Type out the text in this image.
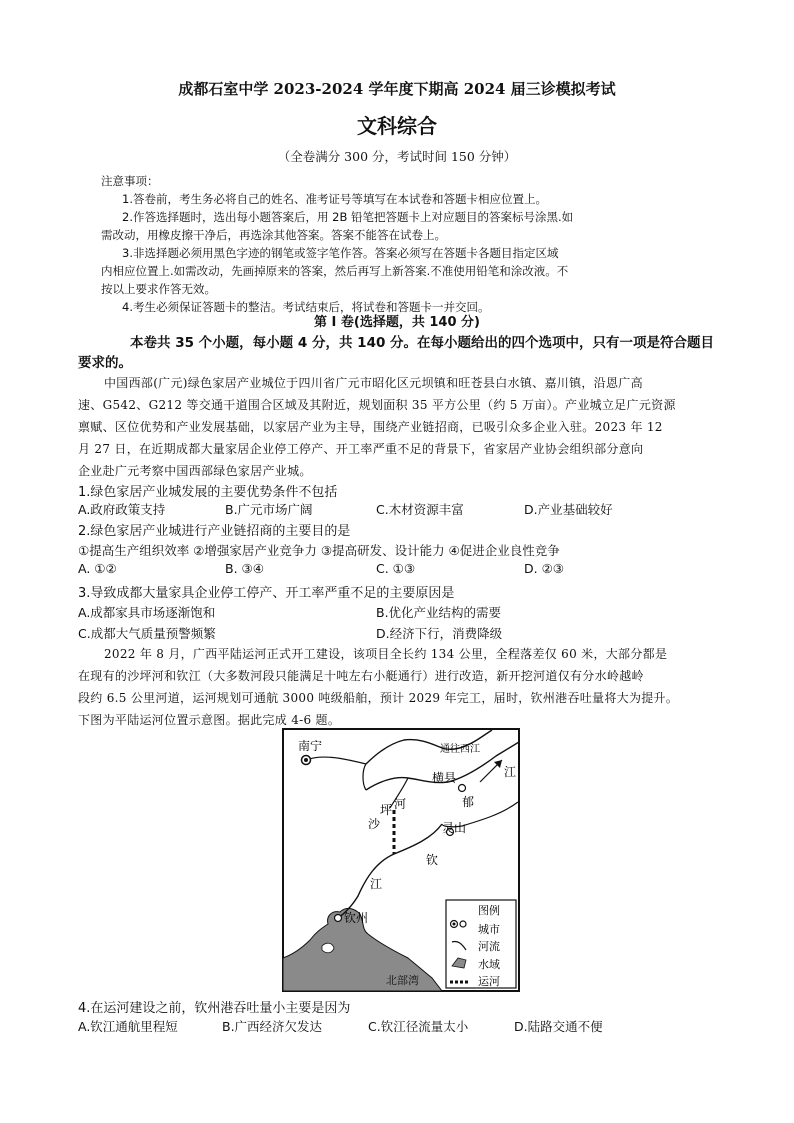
成都石室中学 2023-2024 学年度下期高 2024 届三诊模拟考试
文科综合
（全卷满分 300 分，考试时间 150 分钟）
注意事项：
1.答卷前，考生务必将自己的姓名、准考证号等填写在本试卷和答题卡相应位置上。
2.作答选择题时，选出每小题答案后，用 2B 铅笔把答题卡上对应题目的答案标号涂黑.如
需改动，用橡皮擦干净后，再选涂其他答案。答案不能答在试卷上。
3.非选择题必须用黑色字迹的钢笔或签字笔作答。答案必须写在答题卡各题目指定区域
内相应位置上.如需改动，先画掉原来的答案，然后再写上新答案.不准使用铅笔和涂改液。不
按以上要求作答无效。
4.考生必须保证答题卡的整洁。考试结束后，将试卷和答题卡一并交回。
第 I 卷(选择题，共 140 分)
本卷共 35 个小题，每小题 4 分，共 140 分。在每小题给出的四个选项中，只有一项是符合题目
要求的。
中国西部(广元)绿色家居产业城位于四川省广元市昭化区元坝镇和旺苍县白水镇、嘉川镇，沿恩广高
速、G542、G212 等交通干道围合区域及其附近，规划面积 35 平方公里（约 5 万亩）。产业城立足广元资源
禀赋、区位优势和产业发展基础，以家居产业为主导，围绕产业链招商，已吸引众多企业入驻。2023 年 12
月 27 日，在近期成都大量家居企业停工停产、开工率严重不足的背景下，省家居产业协会组织部分意向
企业赴广元考察中国西部绿色家居产业城。
1.绿色家居产业城发展的主要优势条件不包括
A.政府政策支持	B.广元市场广阔	C.木材资源丰富	D.产业基础较好
2.绿色家居产业城进行产业链招商的主要目的是
①提高生产组织效率 ②增强家居产业竞争力 ③提高研发、设计能力 ④促进企业良性竞争
A. ①②	B. ③④	C. ①③	D. ②③
3.导致成都大量家具企业停工停产、开工率严重不足的主要原因是
A.成都家具市场逐渐饱和	B.优化产业结构的需要
C.成都大气质量预警频繁	D.经济下行，消费降级
2022 年 8 月，广西平陆运河正式开工建设，该项目全长约 134 公里，全程落差仅 60 米，大部分都是
在现有的沙坪河和钦江（大多数河段只能满足十吨左右小艇通行）进行改造，新开挖河道仅有分水岭越岭
段约 6.5 公里河道，运河规划可通航 3000 吨级船舶，预计 2029 年完工，届时，钦州港吞吐量将大为提升。
下图为平陆运河位置示意图。据此完成 4-6 题。
南宁	通往西江
横县	江
郁
坪 河
沙	灵山
钦
江
钦州
北部湾
图例
城市
河流
水域
运河
4.在运河建设之前，钦州港吞吐量小主要是因为
A.钦江通航里程短	B.广西经济欠发达	C.钦江径流量太小	D.陆路交通不便
